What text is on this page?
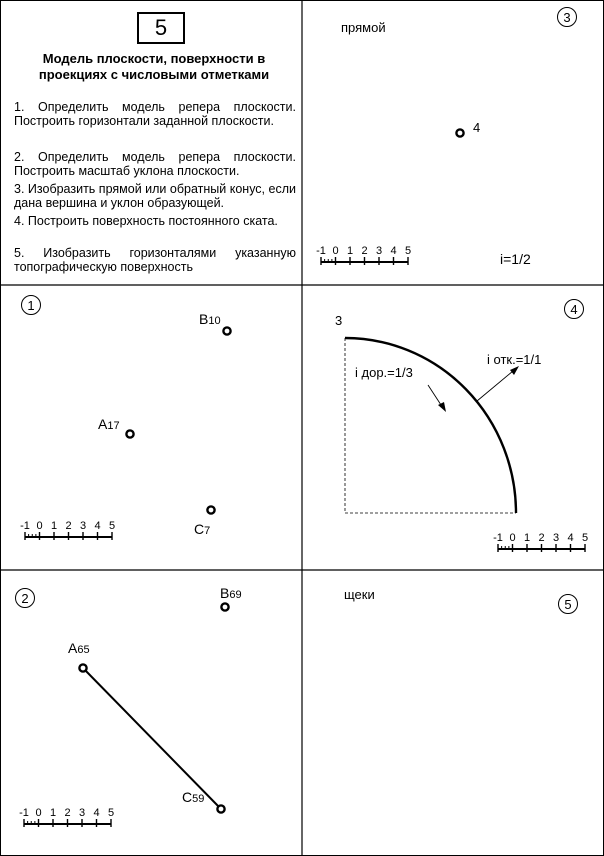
5
Модель плоскости, поверхности в
проекциях с числовыми отметками
1. Определить модель репера плоскости. Построить горизонтали заданной плоскости.
2. Определить модель репера плоскости. Построить масштаб уклона плоскости.
3. Изобразить прямой или обратный конус, если дана вершина и уклон образующей.
4. Построить поверхность постоянного ската.
5. Изобразить горизонталями указанную топографическую поверхность
3
прямой
4
i=1/2
1
B10
A17
C7
4
3
i дор.=1/3
i отк.=1/1
2	B69
A65
C59
5
щеки
-1 0 1 2 3 4 5
-1 0 1 2 3 4 5
-1 0 1 2 3 4 5
-1 0 1 2 3 4 5
